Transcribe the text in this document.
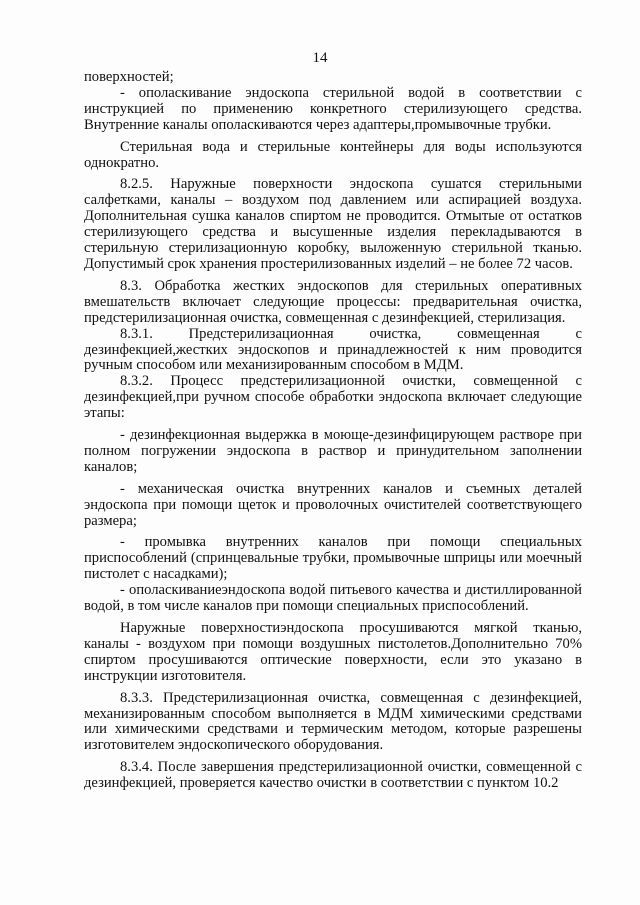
14

поверхностей;

- ополаскивание эндоскопа стерильной водой в соответствии с инструкцией по применению конкретного стерилизующего средства. Внутренние каналы ополаскиваются через адаптеры,промывочные трубки.

Стерильная вода и стерильные контейнеры для воды используются однократно.

8.2.5. Наружные поверхности эндоскопа сушатся стерильными салфетками, каналы – воздухом под давлением или аспирацией воздуха. Дополнительная сушка каналов спиртом не проводится. Отмытые от остатков стерилизующего средства и высушенные изделия перекладываются в стерильную стерилизационную коробку, выложенную стерильной тканью. Допустимый срок хранения простерилизованных изделий – не более 72 часов.

8.3. Обработка жестких эндоскопов для стерильных оперативных вмешательств включает следующие процессы: предварительная очистка, предстерилизационная очистка, совмещенная с дезинфекцией, стерилизация.

8.3.1. Предстерилизационная очистка, совмещенная с дезинфекцией,жестких эндоскопов и принадлежностей к ним проводится ручным способом или механизированным способом в МДМ.

8.3.2. Процесс предстерилизационной очистки, совмещенной с дезинфекцией,при ручном способе обработки эндоскопа включает следующие этапы:

- дезинфекционная выдержка в моюще-дезинфицирующем растворе при полном погружении эндоскопа в раствор и принудительном заполнении каналов;

- механическая очистка внутренних каналов и съемных деталей эндоскопа при помощи щеток и проволочных очистителей соответствующего размера;

- промывка внутренних каналов при помощи специальных приспособлений (спринцевальные трубки, промывочные шприцы или моечный пистолет с насадками);

- ополаскиваниеэндоскопа водой питьевого качества и дистиллированной водой, в том числе каналов при помощи специальных приспособлений.

Наружные поверхностиэндоскопа просушиваются мягкой тканью, каналы - воздухом при помощи воздушных пистолетов.Дополнительно 70% спиртом просушиваются оптические поверхности, если это указано в инструкции изготовителя.

8.3.3. Предстерилизационная очистка, совмещенная с дезинфекцией, механизированным способом выполняется в МДМ химическими средствами или химическими средствами и термическим методом, которые разрешены изготовителем эндоскопического оборудования.

8.3.4. После завершения предстерилизационной очистки, совмещенной с дезинфекцией, проверяется качество очистки в соответствии с пунктом 10.2
